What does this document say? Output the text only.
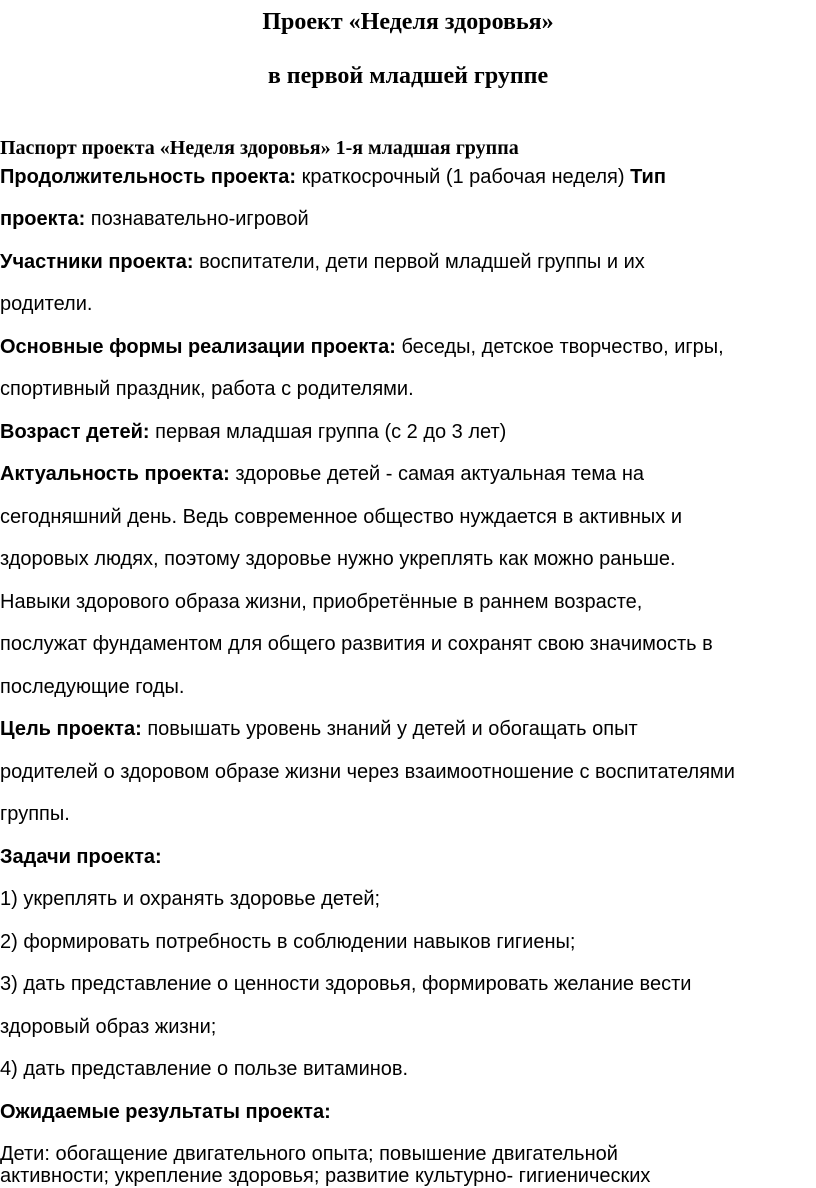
Проект «Неделя здоровья»
в первой младшей группе
Паспорт проекта «Неделя здоровья» 1-я младшая группа
Продолжительность проекта: краткосрочный (1 рабочая неделя) Тип
проекта: познавательно-игровой
Участники проекта: воспитатели, дети первой младшей группы и их
родители.
Основные формы реализации проекта: беседы, детское творчество, игры,
спортивный праздник, работа с родителями.
Возраст детей: первая младшая группа (с 2 до 3 лет)
Актуальность проекта: здоровье детей - самая актуальная тема на
сегодняшний день. Ведь современное общество нуждается в активных и
здоровых людях, поэтому здоровье нужно укреплять как можно раньше.
Навыки здорового образа жизни, приобретённые в раннем возрасте,
послужат фундаментом для общего развития и сохранят свою значимость в
последующие годы.
Цель проекта: повышать уровень знаний у детей и обогащать опыт
родителей о здоровом образе жизни через взаимоотношение с воспитателями
группы.
Задачи проекта:
1) укреплять и охранять здоровье детей;
2) формировать потребность в соблюдении навыков гигиены;
3) дать представление о ценности здоровья, формировать желание вести
здоровый образ жизни;
4) дать представление о пользе витаминов.
Ожидаемые результаты проекта:
Дети: обогащение двигательного опыта; повышение двигательной
активности; укрепление здоровья; развитие культурно- гигиенических
